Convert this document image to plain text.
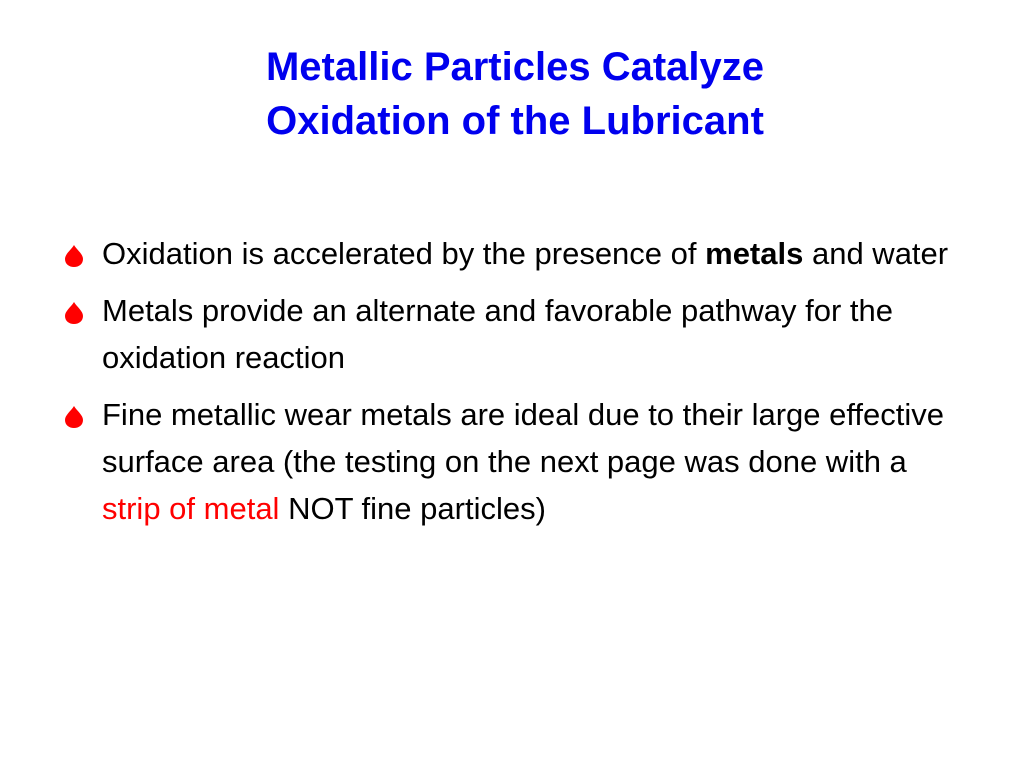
Metallic Particles Catalyze
Oxidation of the Lubricant
Oxidation is accelerated by the presence of metals and water
Metals provide an alternate and favorable pathway for the oxidation reaction
Fine metallic wear metals are ideal due to their large effective surface area (the testing on the next page was done with a strip of metal NOT fine particles)
